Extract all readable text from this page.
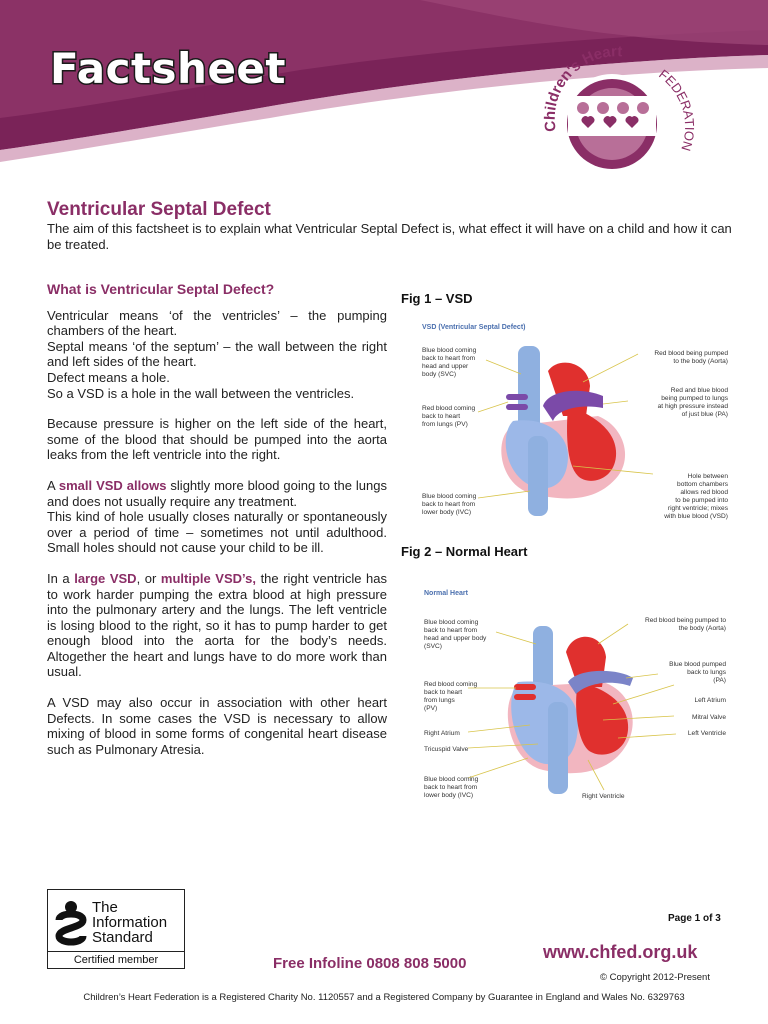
Factsheet
Children's Heart
FEDERATION
Ventricular Septal Defect
The aim of this factsheet is to explain what Ventricular Septal Defect is, what effect it will have on a child and how it can be treated.
What is Ventricular Septal Defect?

Ventricular means ‘of the ventricles’ – the pumping chambers of the heart.

Septal means ‘of the septum’ – the wall between the right and left sides of the heart.

Defect means a hole.

So a VSD is a hole in the wall between the ventricles.

Because pressure is higher on the left side of the heart, some of the blood that should be pumped into the aorta leaks from the left ventricle into the right.

A small VSD allows slightly more blood going to the lungs and does not usually require any treatment.

This kind of hole usually closes naturally or spontaneously over a period of time – sometimes not until adulthood. Small holes should not cause your child to be ill.

In a large VSD, or multiple VSD’s, the right ventricle has to work harder pumping the extra blood at high pressure into the pulmonary artery and the lungs. The left ventricle is losing blood to the right, so it has to pump harder to get enough blood into the aorta for the body’s needs. Altogether the heart and lungs have to do more work than usual.

A VSD may also occur in association with other heart Defects. In some cases the VSD is necessary to allow mixing of blood in some forms of congenital heart disease such as Pulmonary Atresia.

Fig 1 – VSD
VSD (Ventricular Septal Defect)
Blue blood coming back to heart from head and upper body (SVC)
Red blood coming back to heart from lungs (PV)
Blue blood coming back to heart from lower body (IVC)
Red blood being pumped to the body (Aorta)
Red and blue blood being pumped to lungs at high pressure instead of just blue (PA)
Hole between bottom chambers allows red blood to be pumped into right ventricle; mixes with blue blood (VSD)
Fig 2 – Normal Heart
Normal Heart
Blue blood coming back to heart from head and upper body (SVC)
Red blood coming back to heart from lungs (PV)
Right Atrium
Tricuspid Valve
Blue blood coming back to heart from lower body (IVC)
Red blood being pumped to the body (Aorta)
Blue blood pumped back to lungs (PA)
Left Atrium
Mitral Valve
Left Ventricle
Right Ventricle
The
Information
Standard
Certified member
Page 1 of 3
www.chfed.org.uk
Free Infoline 0808 808 5000
© Copyright 2012-Present
Children’s Heart Federation is a Registered Charity No. 1120557 and a Registered Company by Guarantee in England and Wales No. 6329763
